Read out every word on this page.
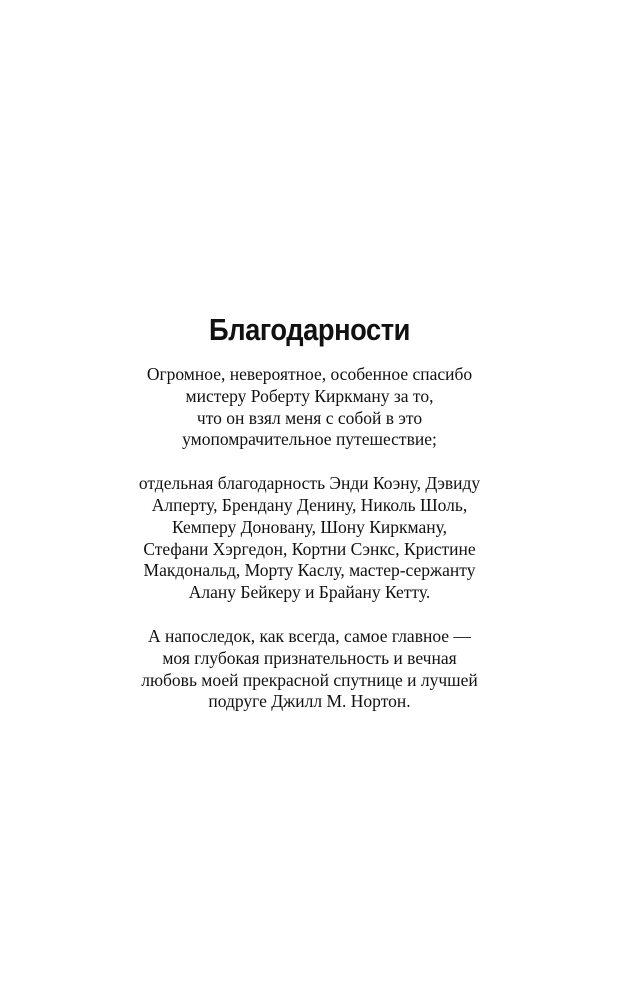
Благодарности

Огромное, невероятное, особенное спасибо
мистеру Роберту Киркману за то,
что он взял меня с собой в это
умопомрачительное путешествие;

отдельная благодарность Энди Коэну, Дэвиду
Алперту, Брендану Денину, Николь Шоль,
Кемперу Доновану, Шону Киркману,
Стефани Хэргедон, Кортни Сэнкс, Кристине
Макдональд, Морту Каслу, мастер-сержанту
Алану Бейкеру и Брайану Кетту.

А напоследок, как всегда, самое главное —
моя глубокая признательность и вечная
любовь моей прекрасной спутнице и лучшей
подруге Джилл М. Нортон.
